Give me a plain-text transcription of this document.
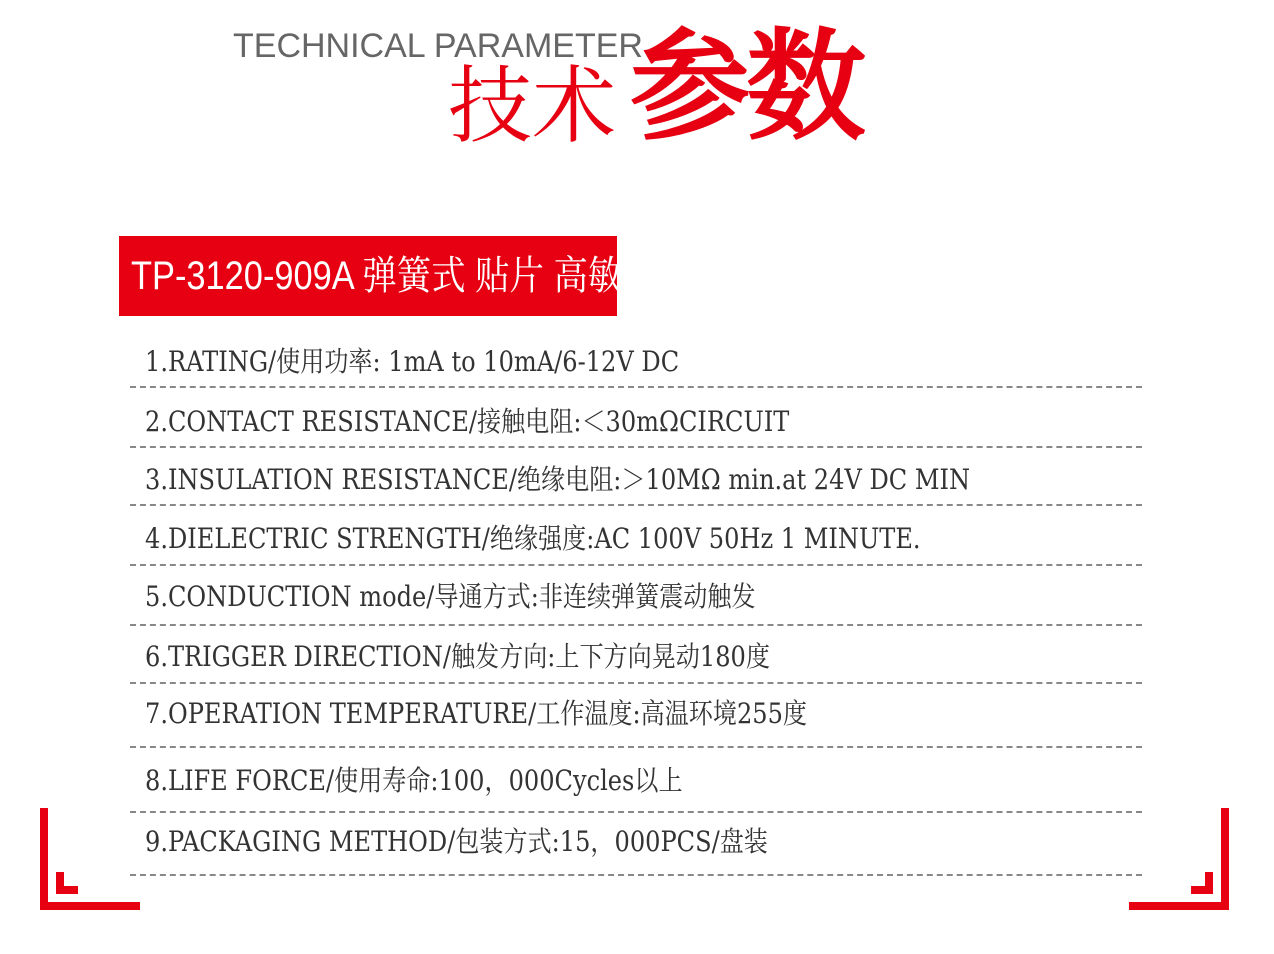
TECHNICAL PARAMETER
技术 参数
TP-3120-909A 弹簧式 贴片 高敏感
1.RATING/使用功率: 1mA to 10mA/6-12V DC
2.CONTACT RESISTANCE/接触电阻:＜30mΩCIRCUIT
3.INSULATION RESISTANCE/绝缘电阻:＞10MΩ min.at 24V DC MIN
4.DIELECTRIC STRENGTH/绝缘强度:AC 100V 50Hz 1 MINUTE.
5.CONDUCTION mode/导通方式:非连续弹簧震动触发
6.TRIGGER DIRECTION/触发方向:上下方向晃动180度
7.OPERATION TEMPERATURE/工作温度:高温环境255度
8.LIFE FORCE/使用寿命:100，000Cycles以上
9.PACKAGING METHOD/包装方式:15，000PCS/盘装
